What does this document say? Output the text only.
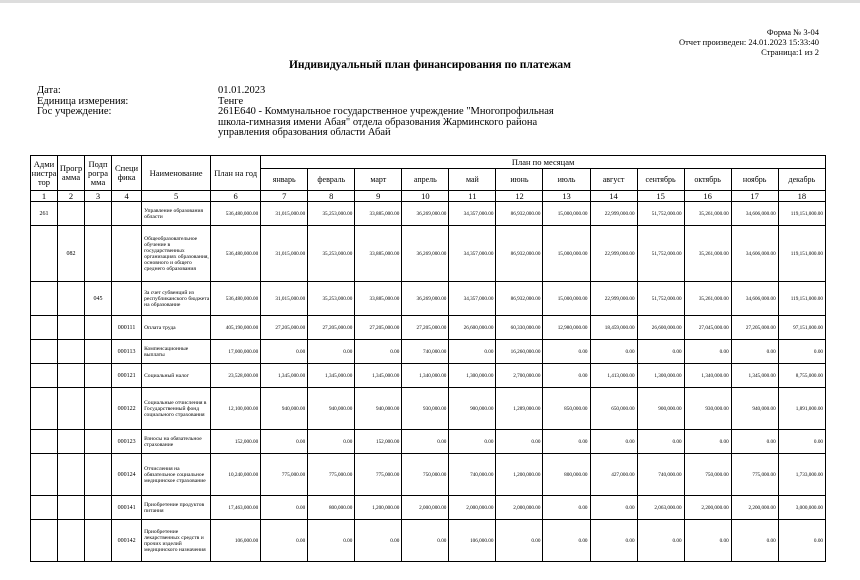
Форма № 3-04
Отчет произведен: 24.01.2023 15:33:40
Страница:1 из 2
Индивидуальный план финансирования по платежам
Дата:	01.01.2023
Единица измерения:	Тенге
Гос учреждение:	261E640 - Коммунальное государственное учреждение "Многопрофильная
школа-гимназия имени Абая" отдела образования Жарминского района
управления образования области Абай
Адми нистра тор	Прогр амма	Подп рогра мма	Специ фика	Наименование	План на год	План по месяцам											
						январь	февраль	март	апрель	май	июнь	июль	август	сентябрь	октябрь	ноябрь	декабрь
1	2	3	4	5	6	7	8	9	10	11	12	13	14	15	16	17	18
261				Управление образования области	536,480,000.00	31,015,000.00	35,253,000.00	33,885,000.00	36,269,000.00	34,357,000.00	86,932,000.00	15,000,000.00	22,999,000.00	51,752,000.00	35,261,000.00	34,606,000.00	119,151,000.00
	082			Общеобразовательное обучение в государственных организациях образования, основного и общего среднего образования	536,480,000.00	31,015,000.00	35,253,000.00	33,885,000.00	36,269,000.00	34,357,000.00	86,932,000.00	15,000,000.00	22,999,000.00	51,752,000.00	35,261,000.00	34,606,000.00	119,151,000.00
		045		За счет субвенций из республиканского бюджета на образование	536,480,000.00	31,015,000.00	35,253,000.00	33,885,000.00	36,269,000.00	34,357,000.00	86,932,000.00	15,000,000.00	22,999,000.00	51,752,000.00	35,261,000.00	34,606,000.00	119,151,000.00
			000111	Оплата труда	405,190,000.00	27,205,000.00	27,205,000.00	27,205,000.00	27,205,000.00	26,600,000.00	60,330,000.00	12,980,000.00	18,459,000.00	26,600,000.00	27,045,000.00	27,205,000.00	97,151,000.00
			000113	Компенсационные выплаты	17,000,000.00	0.00	0.00	0.00	740,000.00	0.00	16,260,000.00	0.00	0.00	0.00	0.00	0.00	0.00
			000121	Социальный налог	23,528,000.00	1,345,000.00	1,345,000.00	1,345,000.00	1,340,000.00	1,300,000.00	2,700,000.00	0.00	1,413,000.00	1,300,000.00	1,340,000.00	1,345,000.00	8,755,000.00
			000122	Социальные отчисления в Государственный фонд социального страхования	12,100,000.00	940,000.00	940,000.00	940,000.00	930,000.00	900,000.00	1,289,000.00	850,000.00	650,000.00	900,000.00	930,000.00	940,000.00	1,891,000.00
			000123	Взносы на обязательное страхование	152,000.00	0.00	0.00	152,000.00	0.00	0.00	0.00	0.00	0.00	0.00	0.00	0.00	0.00
			000124	Отчисления на обязательное социальное медицинское страхование	10,240,000.00	775,000.00	775,000.00	775,000.00	750,000.00	740,000.00	1,200,000.00	800,000.00	427,000.00	740,000.00	750,000.00	775,000.00	1,733,000.00
			000141	Приобретение продуктов питания	17,463,000.00	0.00	800,000.00	1,200,000.00	2,000,000.00	2,000,000.00	2,000,000.00	0.00	0.00	2,063,000.00	2,200,000.00	2,200,000.00	3,000,000.00
			000142	Приобретение лекарственных средств и прочих изделий медицинского назначения	106,000.00	0.00	0.00	0.00	0.00	106,000.00	0.00	0.00	0.00	0.00	0.00	0.00	0.00
